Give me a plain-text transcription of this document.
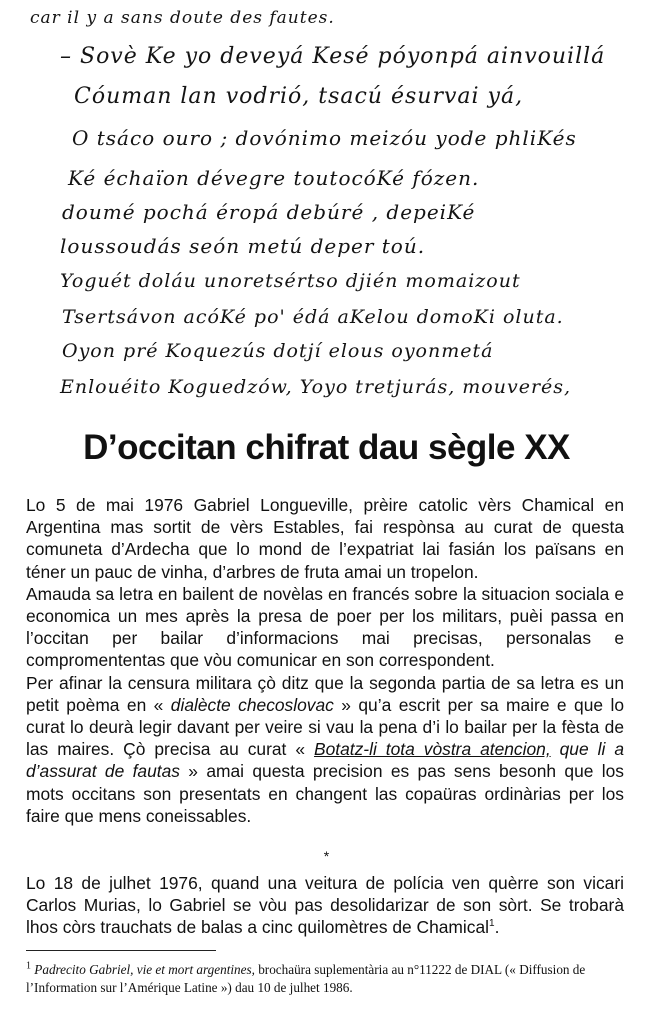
car il y a sans doute des fautes.
– Sovè Ke yo deveyá Kesé póyonpá ainvouillá
Cóuman lan vodrió, tsacú ésurvai yá,
O tsáco ouro ; dovónimo meizóu yode phliKés
Ké échaïon dévegre toutocóKé fózen.
doumé pochá éropá debúré , depeiKé
loussoudás seón metú deper toú.
Yoguét doláu unoretsértso djién momaizout
Tsertsávon acóKé po' édá aKelou domoKi oluta.
Oyon pré Koquezús dotjí elous oyonmetá
Enlouéito Koguedzów, Yoyo tretjurás, mouverés,
D’occitan chifrat dau sègle XX

Lo 5 de mai 1976 Gabriel Longueville, prèire catolic vèrs Chamical en Argentina mas sortit de vèrs Estables, fai respònsa au curat de questa comuneta d’Ardecha que lo mond de l’expatriat lai fasián los païsans en téner un pauc de vinha, d’arbres de fruta amai un tropelon.

Amauda sa letra en bailent de novèlas en francés sobre la situacion sociala e economica un mes après la presa de poer per los militars, puèi passa en l’occitan per bailar d’informacions mai precisas, personalas e compromententas que vòu comunicar en son correspondent.

Per afinar la censura militara çò ditz que la segonda partia de sa letra es un petit poèma en « dialècte checoslovac » qu’a escrit per sa maire e que lo curat lo deurà legir davant per veire si vau la pena d’i lo bailar per la fèsta de las maires. Çò precisa au curat « Botatz-li tota vòstra atencion, que li a d’assurat de fautas » amai questa precision es pas sens besonh que los mots occitans son presentats en changent las copaüras ordinàrias per los faire que mens coneissables.

*

Lo 18 de julhet 1976, quand una veitura de polícia ven quèrre son vicari Carlos Murias, lo Gabriel se vòu pas desolidarizar de son sòrt. Se trobarà lhos còrs trauchats de balas a cinc quilomètres de Chamical$^1$.

$^1$ Padrecito Gabriel, vie et mort argentines, brochaüra suplementària au n°11222 de DIAL (« Diffusion de l’Information sur l’Amérique Latine ») dau 10 de julhet 1986.
